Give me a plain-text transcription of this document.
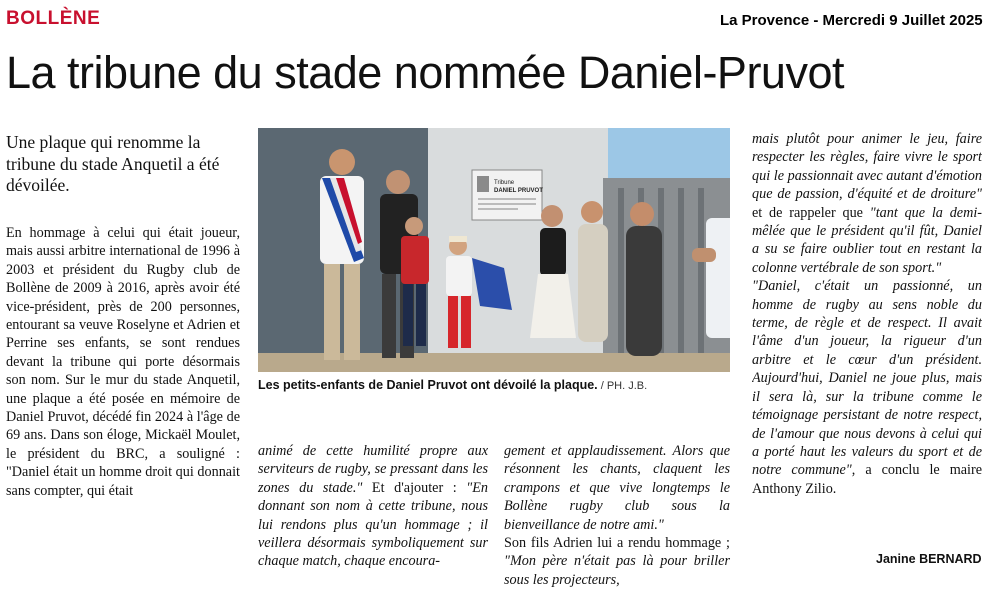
BOLLÈNE	La Provence - Mercredi 9 Juillet 2025
La tribune du stade nommée Daniel-Pruvot
Une plaque qui renomme la tribune du stade Anquetil a été dévoilée.

En hommage à celui qui était joueur, mais aussi arbitre international de 1996 à 2003 et président du Rugby club de Bollène de 2009 à 2016, après avoir été vice-président, près de 200 personnes, entourant sa veuve Roselyne et Adrien et Perrine ses enfants, se sont rendues devant la tribune qui porte désormais son nom. Sur le mur du stade Anquetil, une plaque a été posée en mémoire de Daniel Pruvot, décédé fin 2024 à l'âge de 69 ans. Dans son éloge, Mickaël Moulet, le président du BRC, a souligné : "Daniel était un homme droit qui donnait sans compter, qui était

animé de cette humilité propre aux serviteurs de rugby, se pressant dans les zones du stade." Et d'ajouter : "En donnant son nom à cette tribune, nous lui rendons plus qu'un hommage ; il veillera désormais symboliquement sur chaque match, chaque encoura-

gement et applaudissement. Alors que résonnent les chants, claquent les crampons et que vive longtemps le Bollène rugby club sous la bienveillance de notre ami."

Son fils Adrien lui a rendu hommage ; "Mon père n'était pas là pour briller sous les projecteurs,

mais plutôt pour animer le jeu, faire respecter les règles, faire vivre le sport qui le passionnait avec autant d'émotion que de passion, d'équité et de droiture" et de rappeler que "tant que la demi-mêlée que le président qu'il fût, Daniel a su se faire oublier tout en restant la colonne vertébrale de son sport."

"Daniel, c'était un passionné, un homme de rugby au sens noble du terme, de règle et de respect. Il avait l'âme d'un joueur, la rigueur d'un arbitre et le cœur d'un président. Aujourd'hui, Daniel ne joue plus, mais il sera là, sur la tribune comme le témoignage persistant de notre respect, de l'amour que nous devons à celui qui a porté haut les valeurs du sport et de notre commune", a conclu le maire Anthony Zilio.

Tribune
DANIEL PRUVOT
Les petits-enfants de Daniel Pruvot ont dévoilé la plaque. / PH. J.B.
Janine BERNARD
